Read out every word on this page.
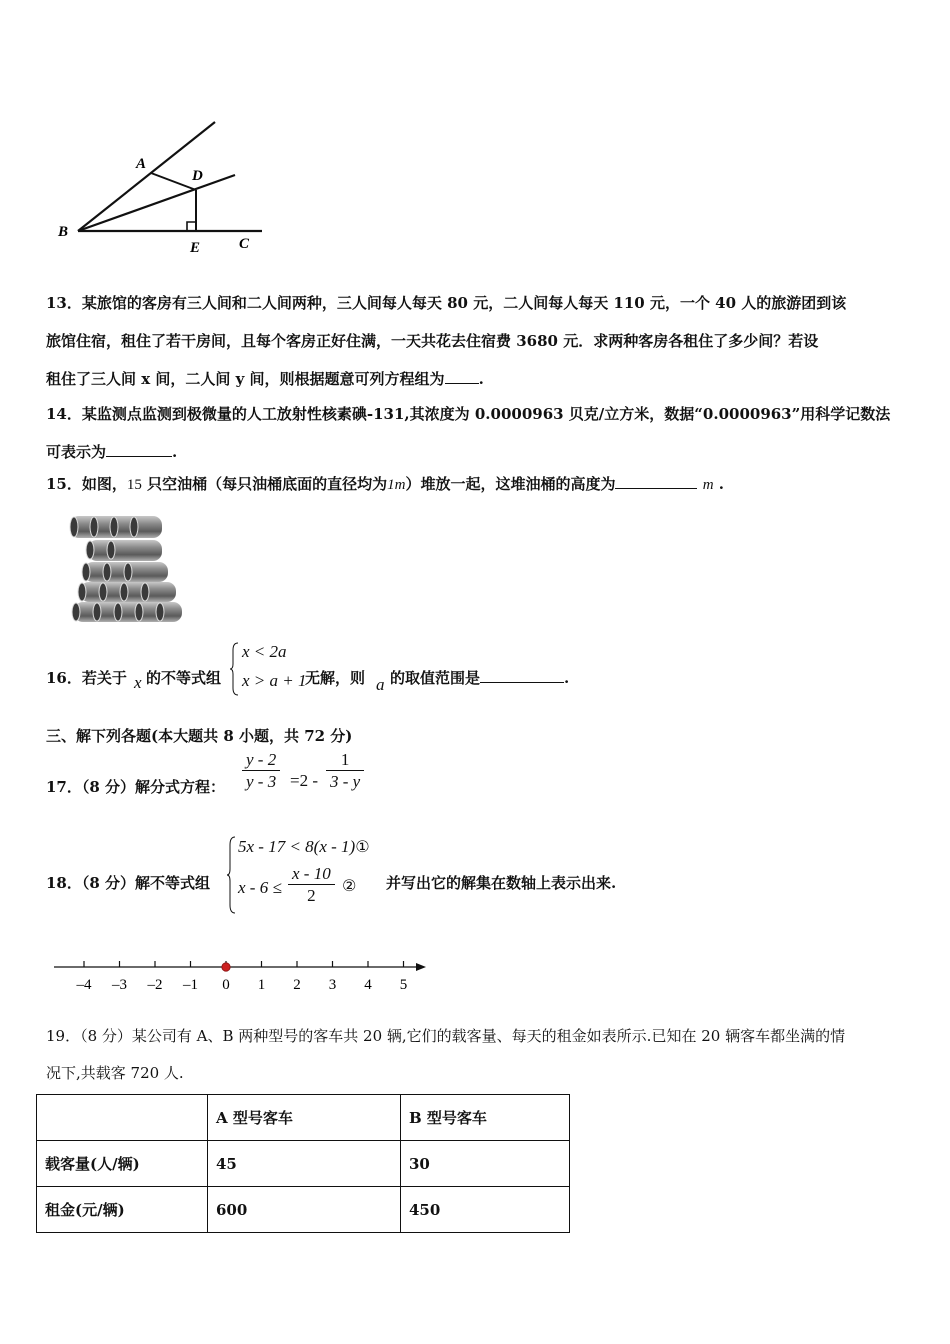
A
B
C
D
E
13．某旅馆的客房有三人间和二人间两种，三人间每人每天 80 元，二人间每人每天 110 元，一个 40 人的旅游团到该
旅馆住宿，租住了若干房间，且每个客房正好住满，一天共花去住宿费 3680 元．求两种客房各租住了多少间？若设
租住了三人间 x 间，二人间 y 间，则根据题意可列方程组为 .
14．某监测点监测到极微量的人工放射性核素碘-131,其浓度为 0.0000963 贝克/立方米，数据“0.0000963”用科学记数法
可表示为	.
15．如图，15 只空油桶（每只油桶底面的直径均为1m）堆放一起，这堆油桶的高度为	m .
16．若关于 x 的不等式组
x < 2a
x > a + 1
无解，则 a 的取值范围是	.
三、解下列各题(本大题共 8 小题，共 72 分)
17．（8 分）解分式方程： $\frac{y - 2}{y - 3} =2 - \frac{1}{3 - y}$
18．（8 分）解不等式组
5x - 17 < 8(x - 1)①
$x - 6 \le \frac{x - 10}{2}$ ② 并写出它的解集在数轴上表示出来.
–4 –3 –2 –1 0 1 2 3 4 5
19．（8 分）某公司有 A、B 两种型号的客车共 20 辆,它们的载客量、每天的租金如表所示.已知在 20 辆客车都坐满的情
况下,共载客 720 人.
	A 型号客车	B 型号客车
载客量(人/辆)	45	30
租金(元/辆)	600	450
